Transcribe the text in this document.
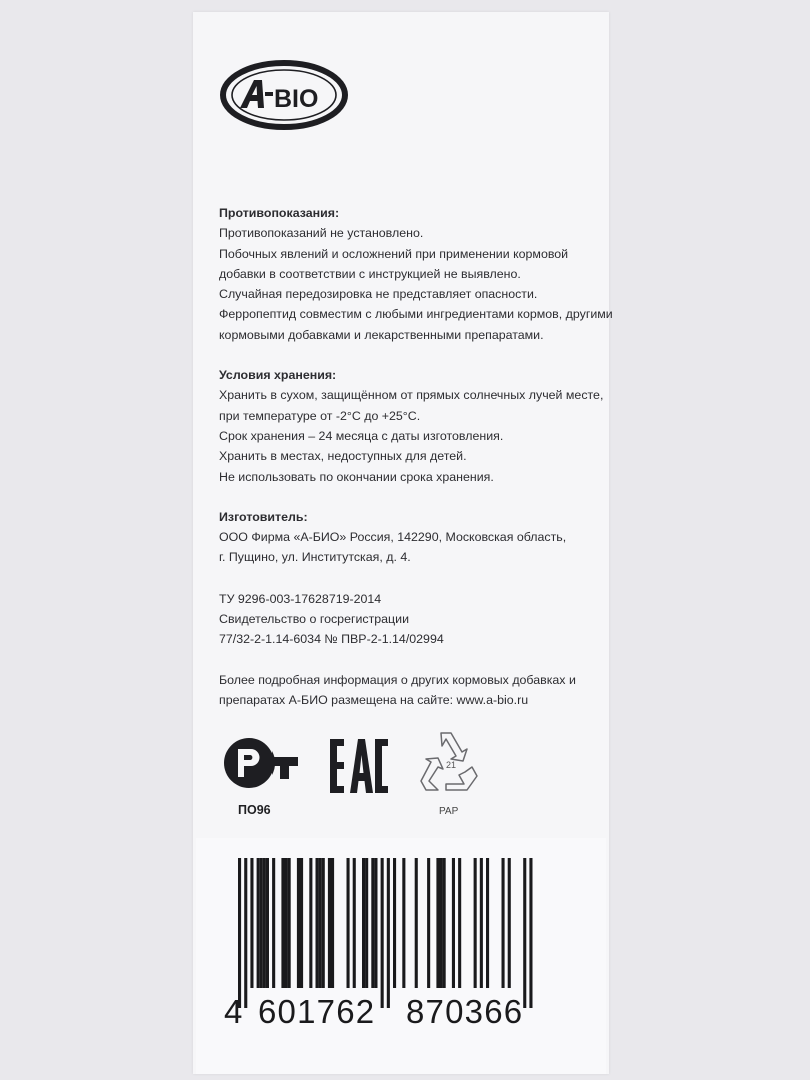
BIO
Противопоказания:
Противопоказаний не установлено.
Побочных явлений и осложнений при применении кормовой
добавки в соответствии с инструкцией не выявлено.
Случайная передозировка не представляет опасности.
Ферропептид совместим с любыми ингредиентами кормов, другими
кормовыми добавками и лекарственными препаратами.
Условия хранения:
Хранить в сухом, защищённом от прямых солнечных лучей месте,
при температуре от -2°С до +25°С.
Срок хранения – 24 месяца с даты изготовления.
Хранить в местах, недоступных для детей.
Не использовать по окончании срока хранения.
Изготовитель:
ООО Фирма «А-БИО» Россия, 142290, Московская область,
г. Пущино, ул. Институтская, д. 4.
ТУ 9296-003-17628719-2014
Свидетельство о госрегистрации
77/32-2-1.14-6034 № ПВР-2-1.14/02994
Более подробная информация о других кормовых добавках и
препаратах А-БИО размещена на сайте: www.a-bio.ru
ПО96
21
PAP
4 601762 870366
